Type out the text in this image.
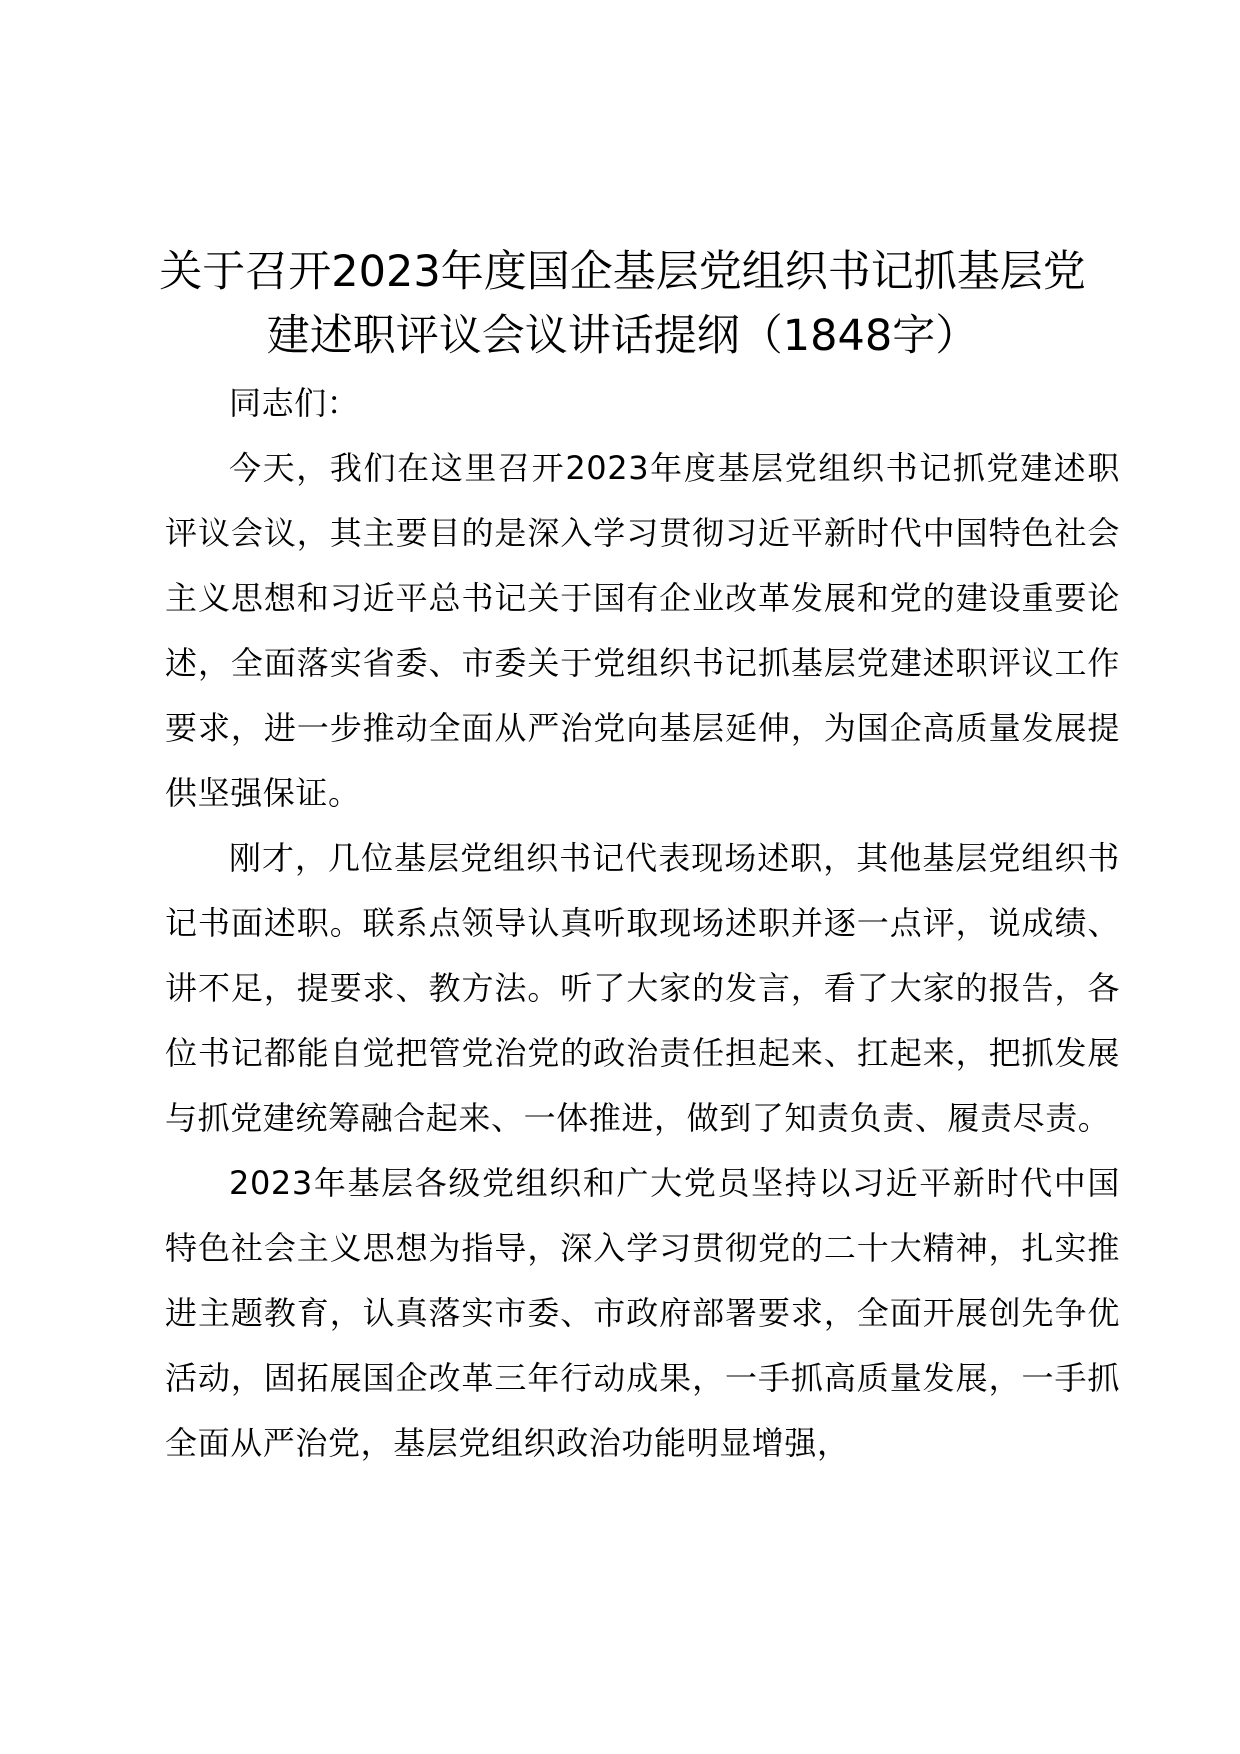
关于召开2023年度国企基层党组织书记抓基层党建述职评议会议讲话提纲（1848字）

同志们：

今天，我们在这里召开2023年度基层党组织书记抓党建述职评议会议，其主要目的是深入学习贯彻习近平新时代中国特色社会主义思想和习近平总书记关于国有企业改革发展和党的建设重要论述，全面落实省委、市委关于党组织书记抓基层党建述职评议工作要求，进一步推动全面从严治党向基层延伸，为国企高质量发展提供坚强保证。

刚才，几位基层党组织书记代表现场述职，其他基层党组织书记书面述职。联系点领导认真听取现场述职并逐一点评，说成绩、讲不足，提要求、教方法。听了大家的发言，看了大家的报告，各位书记都能自觉把管党治党的政治责任担起来、扛起来，把抓发展与抓党建统筹融合起来、一体推进，做到了知责负责、履责尽责。

2023年基层各级党组织和广大党员坚持以习近平新时代中国特色社会主义思想为指导，深入学习贯彻党的二十大精神，扎实推进主题教育，认真落实市委、市政府部署要求，全面开展创先争优活动，固拓展国企改革三年行动成果，一手抓高质量发展，一手抓全面从严治党，基层党组织政治功能明显增强，
